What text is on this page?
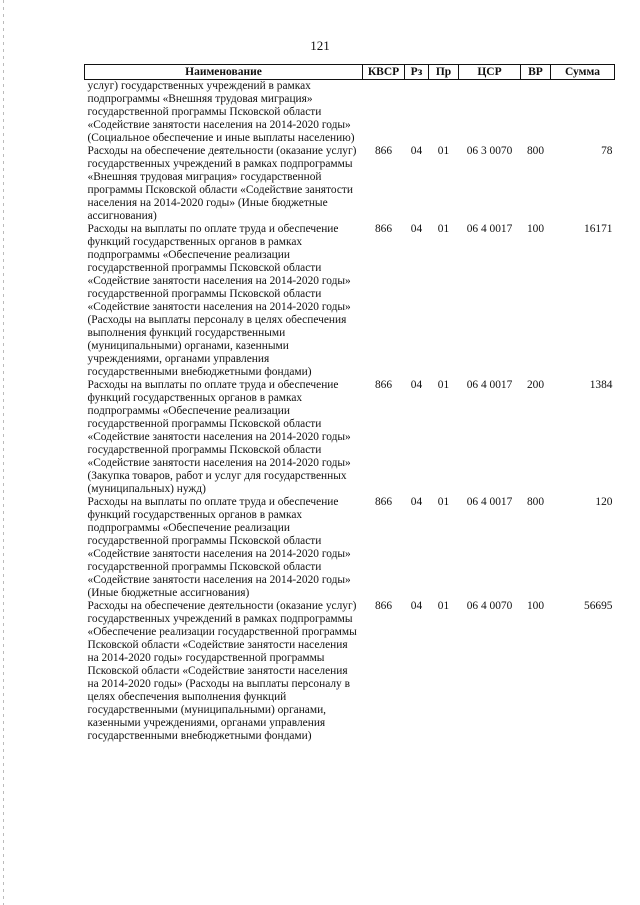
121
Наименование	КВСР	Рз	Пр	ЦСР	ВР	Сумма
услуг) государственных учреждений в рамках подпрограммы «Внешняя трудовая миграция» государственной программы Псковской области «Содействие занятости населения на 2014-2020 годы» (Социальное обеспечение и иные выплаты населению)						
Расходы на обеспечение деятельности (оказание услуг) государственных учреждений в рамках подпрограммы «Внешняя трудовая миграция» государственной программы Псковской области «Содействие занятости населения на 2014-2020 годы» (Иные бюджетные ассигнования)	866	04	01	06 3 0070	800	78
Расходы на выплаты по оплате труда и обеспечение функций государственных органов в рамках подпрограммы «Обеспечение реализации государственной программы Псковской области «Содействие занятости населения на 2014-2020 годы» государственной программы Псковской области «Содействие занятости населения на 2014-2020 годы» (Расходы на выплаты персоналу в целях обеспечения выполнения функций государственными (муниципальными) органами, казенными учреждениями, органами управления государственными внебюджетными фондами)	866	04	01	06 4 0017	100	16171
Расходы на выплаты по оплате труда и обеспечение функций государственных органов в рамках подпрограммы «Обеспечение реализации государственной программы Псковской области «Содействие занятости населения на 2014-2020 годы» государственной программы Псковской области «Содействие занятости населения на 2014-2020 годы» (Закупка товаров, работ и услуг для государственных (муниципальных) нужд)	866	04	01	06 4 0017	200	1384
Расходы на выплаты по оплате труда и обеспечение функций государственных органов в рамках подпрограммы «Обеспечение реализации государственной программы Псковской области «Содействие занятости населения на 2014-2020 годы» государственной программы Псковской области «Содействие занятости населения на 2014-2020 годы» (Иные бюджетные ассигнования)	866	04	01	06 4 0017	800	120
Расходы на обеспечение деятельности (оказание услуг) государственных учреждений в рамках подпрограммы «Обеспечение реализации государственной программы Псковской области «Содействие занятости населения на 2014-2020 годы» государственной программы Псковской области «Содействие занятости населения на 2014-2020 годы» (Расходы на выплаты персоналу в целях обеспечения выполнения функций государственными (муниципальными) органами, казенными учреждениями, органами управления государственными внебюджетными фондами)	866	04	01	06 4 0070	100	56695
